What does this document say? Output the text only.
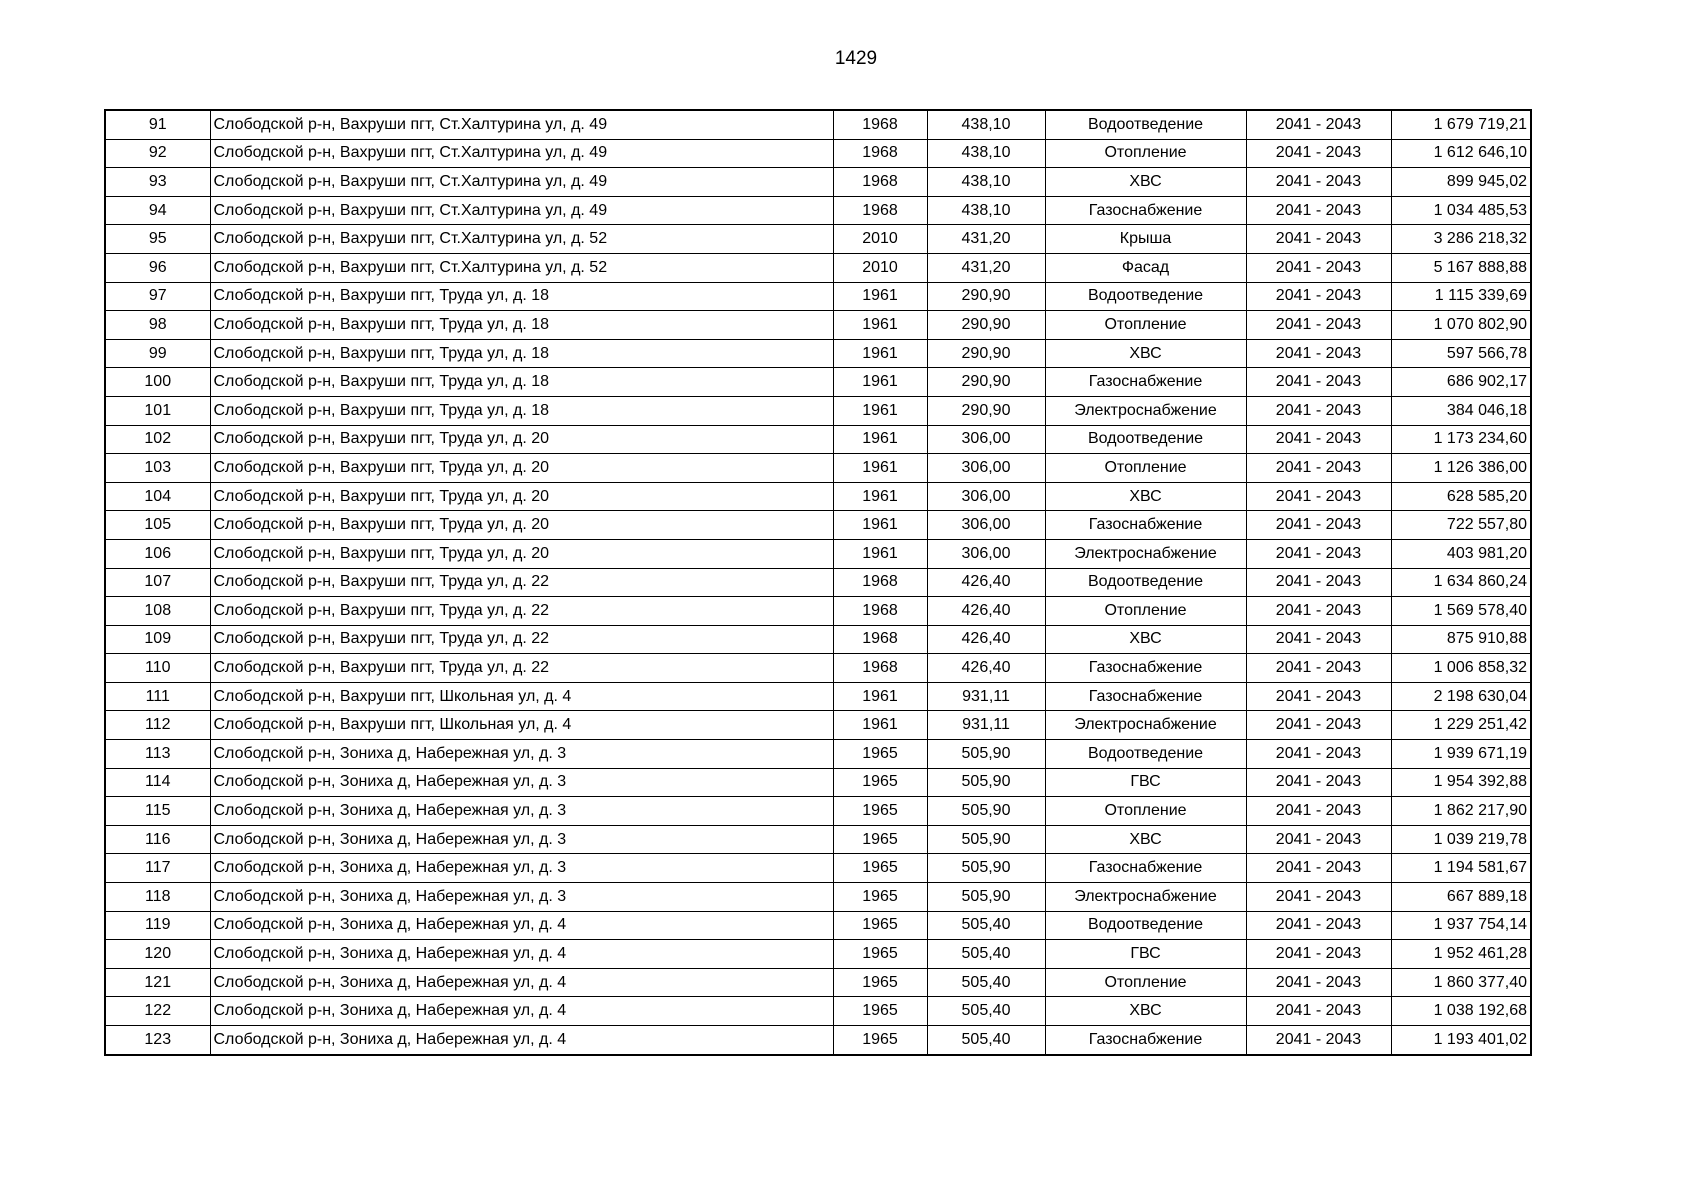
1429
91	Слободской р-н, Вахруши пгт, Ст.Халтурина ул, д. 49	1968	438,10	Водоотведение	2041 - 2043	1 679 719,21
92	Слободской р-н, Вахруши пгт, Ст.Халтурина ул, д. 49	1968	438,10	Отопление	2041 - 2043	1 612 646,10
93	Слободской р-н, Вахруши пгт, Ст.Халтурина ул, д. 49	1968	438,10	ХВС	2041 - 2043	899 945,02
94	Слободской р-н, Вахруши пгт, Ст.Халтурина ул, д. 49	1968	438,10	Газоснабжение	2041 - 2043	1 034 485,53
95	Слободской р-н, Вахруши пгт, Ст.Халтурина ул, д. 52	2010	431,20	Крыша	2041 - 2043	3 286 218,32
96	Слободской р-н, Вахруши пгт, Ст.Халтурина ул, д. 52	2010	431,20	Фасад	2041 - 2043	5 167 888,88
97	Слободской р-н, Вахруши пгт, Труда ул, д. 18	1961	290,90	Водоотведение	2041 - 2043	1 115 339,69
98	Слободской р-н, Вахруши пгт, Труда ул, д. 18	1961	290,90	Отопление	2041 - 2043	1 070 802,90
99	Слободской р-н, Вахруши пгт, Труда ул, д. 18	1961	290,90	ХВС	2041 - 2043	597 566,78
100	Слободской р-н, Вахруши пгт, Труда ул, д. 18	1961	290,90	Газоснабжение	2041 - 2043	686 902,17
101	Слободской р-н, Вахруши пгт, Труда ул, д. 18	1961	290,90	Электроснабжение	2041 - 2043	384 046,18
102	Слободской р-н, Вахруши пгт, Труда ул, д. 20	1961	306,00	Водоотведение	2041 - 2043	1 173 234,60
103	Слободской р-н, Вахруши пгт, Труда ул, д. 20	1961	306,00	Отопление	2041 - 2043	1 126 386,00
104	Слободской р-н, Вахруши пгт, Труда ул, д. 20	1961	306,00	ХВС	2041 - 2043	628 585,20
105	Слободской р-н, Вахруши пгт, Труда ул, д. 20	1961	306,00	Газоснабжение	2041 - 2043	722 557,80
106	Слободской р-н, Вахруши пгт, Труда ул, д. 20	1961	306,00	Электроснабжение	2041 - 2043	403 981,20
107	Слободской р-н, Вахруши пгт, Труда ул, д. 22	1968	426,40	Водоотведение	2041 - 2043	1 634 860,24
108	Слободской р-н, Вахруши пгт, Труда ул, д. 22	1968	426,40	Отопление	2041 - 2043	1 569 578,40
109	Слободской р-н, Вахруши пгт, Труда ул, д. 22	1968	426,40	ХВС	2041 - 2043	875 910,88
110	Слободской р-н, Вахруши пгт, Труда ул, д. 22	1968	426,40	Газоснабжение	2041 - 2043	1 006 858,32
111	Слободской р-н, Вахруши пгт, Школьная ул, д. 4	1961	931,11	Газоснабжение	2041 - 2043	2 198 630,04
112	Слободской р-н, Вахруши пгт, Школьная ул, д. 4	1961	931,11	Электроснабжение	2041 - 2043	1 229 251,42
113	Слободской р-н, Зониха д, Набережная ул, д. 3	1965	505,90	Водоотведение	2041 - 2043	1 939 671,19
114	Слободской р-н, Зониха д, Набережная ул, д. 3	1965	505,90	ГВС	2041 - 2043	1 954 392,88
115	Слободской р-н, Зониха д, Набережная ул, д. 3	1965	505,90	Отопление	2041 - 2043	1 862 217,90
116	Слободской р-н, Зониха д, Набережная ул, д. 3	1965	505,90	ХВС	2041 - 2043	1 039 219,78
117	Слободской р-н, Зониха д, Набережная ул, д. 3	1965	505,90	Газоснабжение	2041 - 2043	1 194 581,67
118	Слободской р-н, Зониха д, Набережная ул, д. 3	1965	505,90	Электроснабжение	2041 - 2043	667 889,18
119	Слободской р-н, Зониха д, Набережная ул, д. 4	1965	505,40	Водоотведение	2041 - 2043	1 937 754,14
120	Слободской р-н, Зониха д, Набережная ул, д. 4	1965	505,40	ГВС	2041 - 2043	1 952 461,28
121	Слободской р-н, Зониха д, Набережная ул, д. 4	1965	505,40	Отопление	2041 - 2043	1 860 377,40
122	Слободской р-н, Зониха д, Набережная ул, д. 4	1965	505,40	ХВС	2041 - 2043	1 038 192,68
123	Слободской р-н, Зониха д, Набережная ул, д. 4	1965	505,40	Газоснабжение	2041 - 2043	1 193 401,02
